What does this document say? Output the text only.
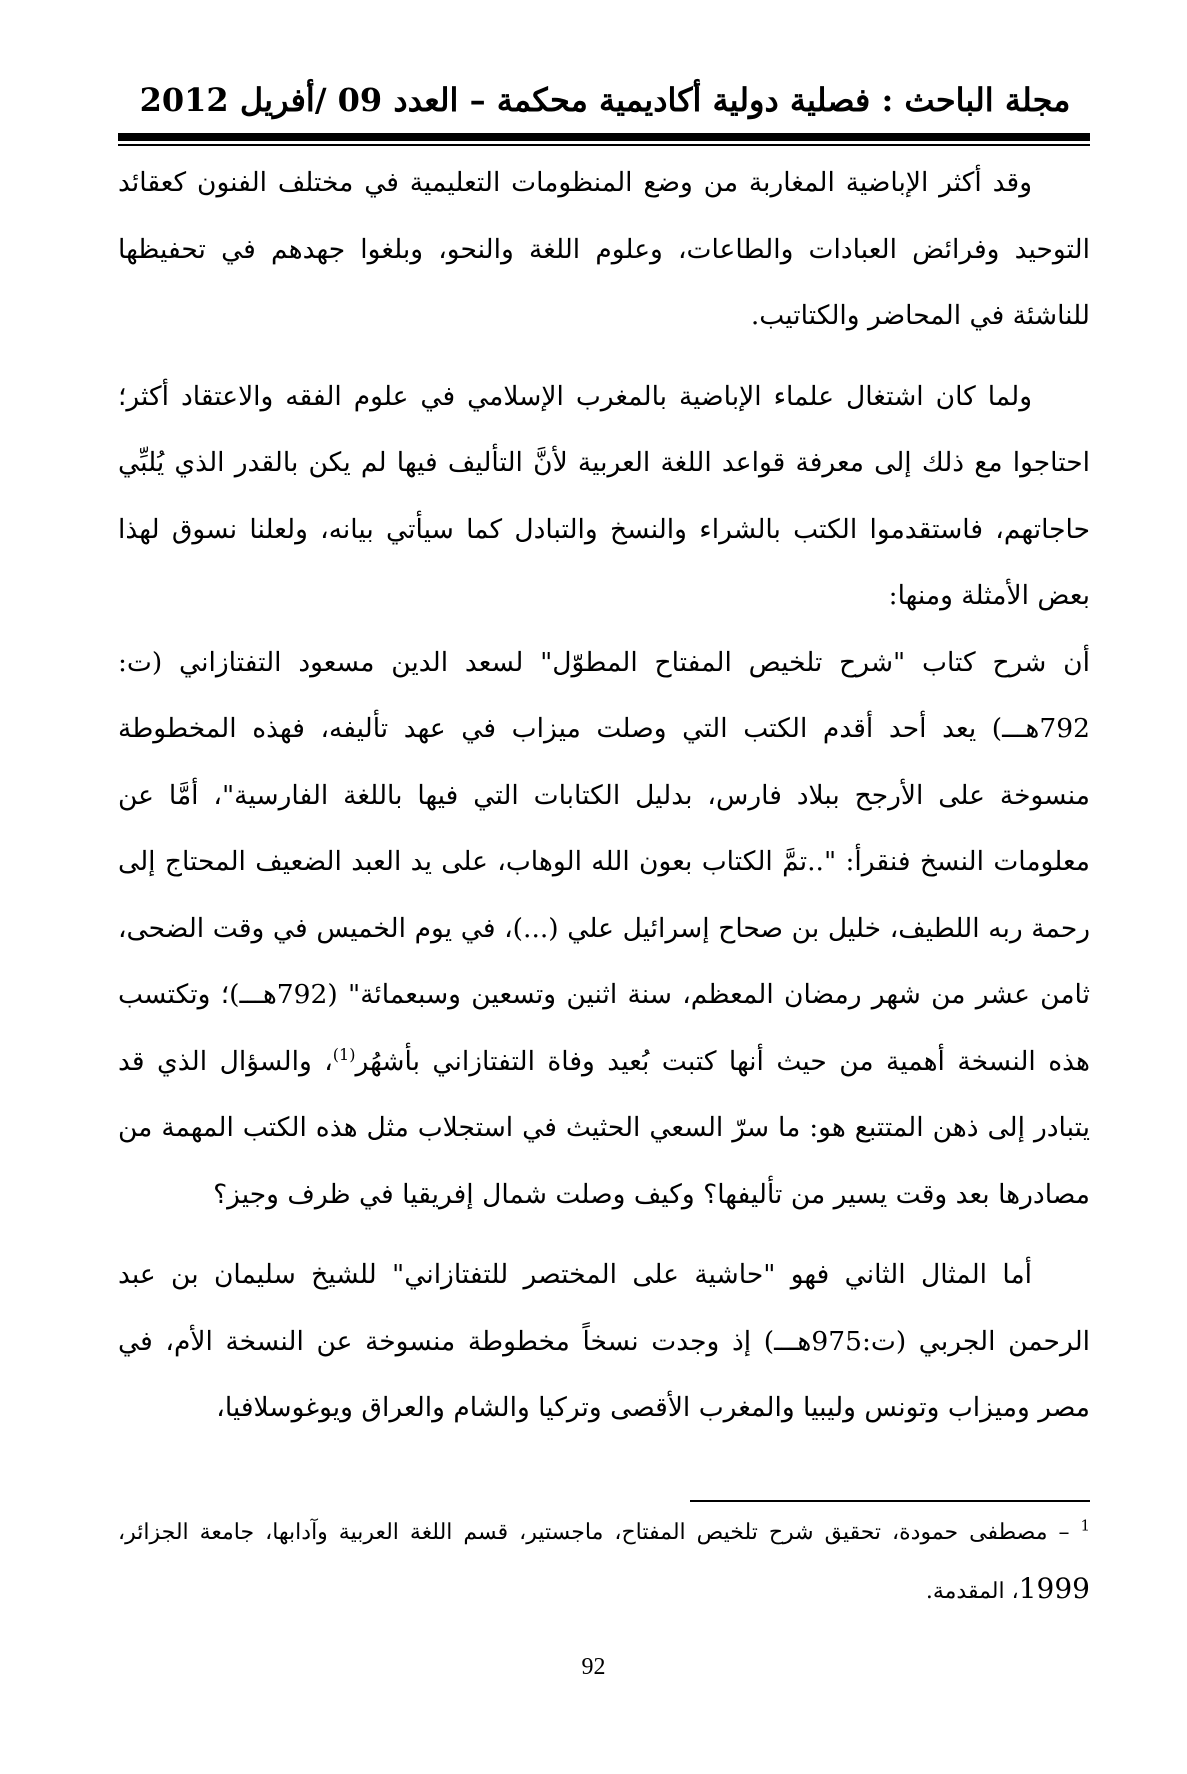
مجلة الباحث : فصلية دولية أكاديمية محكمة – العدد 09 /أفريل 2012

وقد أكثر الإباضية المغاربة من وضع المنظومات التعليمية في مختلف الفنون كعقائد التوحيد وفرائض العبادات والطاعات، وعلوم اللغة والنحو، وبلغوا جهدهم في تحفيظها للناشئة في المحاضر والكتاتيب.

ولما كان اشتغال علماء الإباضية بالمغرب الإسلامي في علوم الفقه والاعتقاد أكثر؛ احتاجوا مع ذلك إلى معرفة قواعد اللغة العربية لأنَّ التأليف فيها لم يكن بالقدر الذي يُلبِّي حاجاتهم، فاستقدموا الكتب بالشراء والنسخ والتبادل كما سيأتي بيانه، ولعلنا نسوق لهذا بعض الأمثلة ومنها:

أن شرح كتاب "شرح تلخيص المفتاح المطوّل" لسعد الدين مسعود التفتازاني (ت: 792هـــ) يعد أحد أقدم الكتب التي وصلت ميزاب في عهد تأليفه، فهذه المخطوطة منسوخة على الأرجح ببلاد فارس، بدليل الكتابات التي فيها باللغة الفارسية"، أمَّا عن معلومات النسخ فنقرأ: "..تمَّ الكتاب بعون الله الوهاب، على يد العبد الضعيف المحتاج إلى رحمة ربه اللطيف، خليل بن صحاح إسرائيل علي (...)، في يوم الخميس في وقت الضحى، ثامن عشر من شهر رمضان المعظم، سنة اثنين وتسعين وسبعمائة" (792هـــ)؛ وتكتسب هذه النسخة أهمية من حيث أنها كتبت بُعيد وفاة التفتازاني بأشهُر$^{(1)}$، والسؤال الذي قد يتبادر إلى ذهن المتتبع هو: ما سرّ السعي الحثيث في استجلاب مثل هذه الكتب المهمة من مصادرها بعد وقت يسير من تأليفها؟ وكيف وصلت شمال إفريقيا في ظرف وجيز؟

أما المثال الثاني فهو "حاشية على المختصر للتفتازاني" للشيخ سليمان بن عبد الرحمن الجربي (ت:975هـــ) إذ وجدت نسخاً مخطوطة منسوخة عن النسخة الأم، في مصر وميزاب وتونس وليبيا والمغرب الأقصى وتركيا والشام والعراق ويوغوسلافيا،

$^1$ – مصطفى حمودة، تحقيق شرح تلخيص المفتاح، ماجستير، قسم اللغة العربية وآدابها، جامعة الجزائر، 1999، المقدمة.

92
